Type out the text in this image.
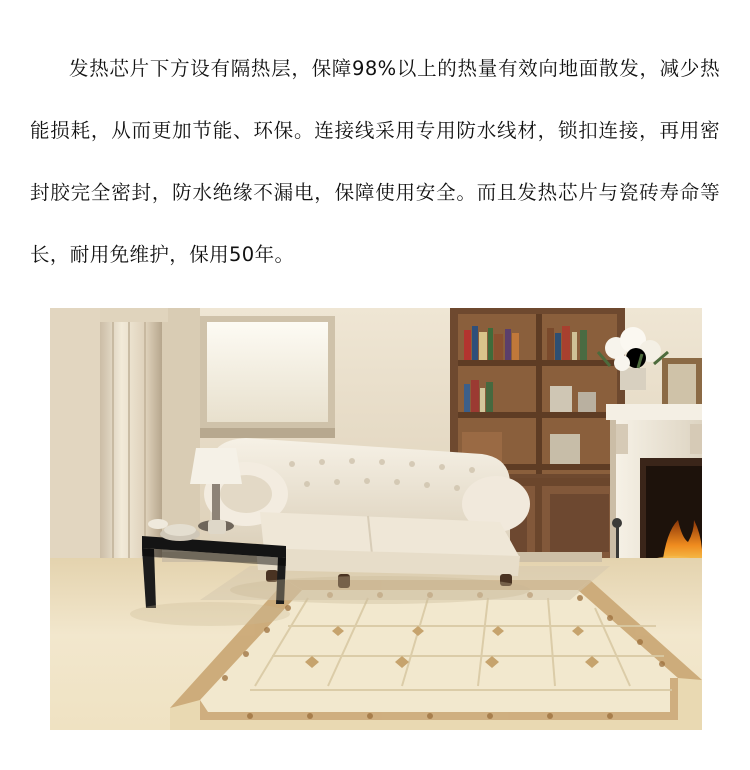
发热芯片下方设有隔热层，保障98%以上的热量有效向地面散发，减少热能损耗，从而更加节能、环保。连接线采用专用防水线材，锁扣连接，再用密封胶完全密封，防水绝缘不漏电，保障使用安全。而且发热芯片与瓷砖寿命等长，耐用免维护，保用50年。
